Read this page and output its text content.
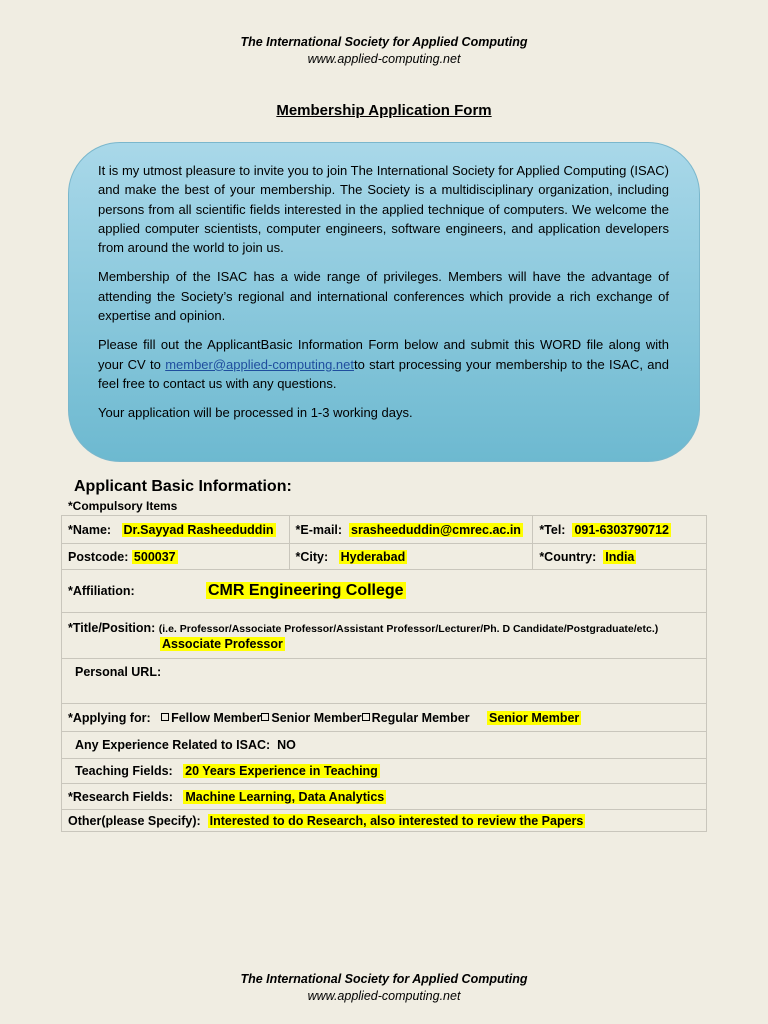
The International Society for Applied Computing
www.applied-computing.net
Membership Application Form

It is my utmost pleasure to invite you to join The International Society for Applied Computing (ISAC) and make the best of your membership. The Society is a multidisciplinary organization, including persons from all scientific fields interested in the applied technique of computers. We welcome the applied computer scientists, computer engineers, software engineers, and application developers from around the world to join us.

Membership of the ISAC has a wide range of privileges. Members will have the advantage of attending the Society’s regional and international conferences which provide a rich exchange of expertise and opinion.

Please fill out the ApplicantBasic Information Form below and submit this WORD file along with your CV to member@applied-computing.netto start processing your membership to the ISAC, and feel free to contact us with any questions.

Your application will be processed in 1-3 working days.

Applicant Basic Information:
*Compulsory Items
*Name: Dr.Sayyad Rasheeduddin	*E-mail: srasheeduddin@cmrec.ac.in	*Tel: 091-6303790712
Postcode: 500037	*City: Hyderabad	*Country: India
*Affiliation: CMR Engineering College		

*Title/Position: (i.e. Professor/Associate Professor/Assistant Professor/Lecturer/Ph. D Candidate/Postgraduate/etc.)
Associate Professor		

Personal URL:		
*Applying for: Fellow Member Senior Member Regular Member Senior Member		
Any Experience Related to ISAC: NO		
Teaching Fields: 20 Years Experience in Teaching		
*Research Fields: Machine Learning, Data Analytics		
Other(please Specify): Interested to do Research, also interested to review the Papers		
The International Society for Applied Computing
www.applied-computing.net
